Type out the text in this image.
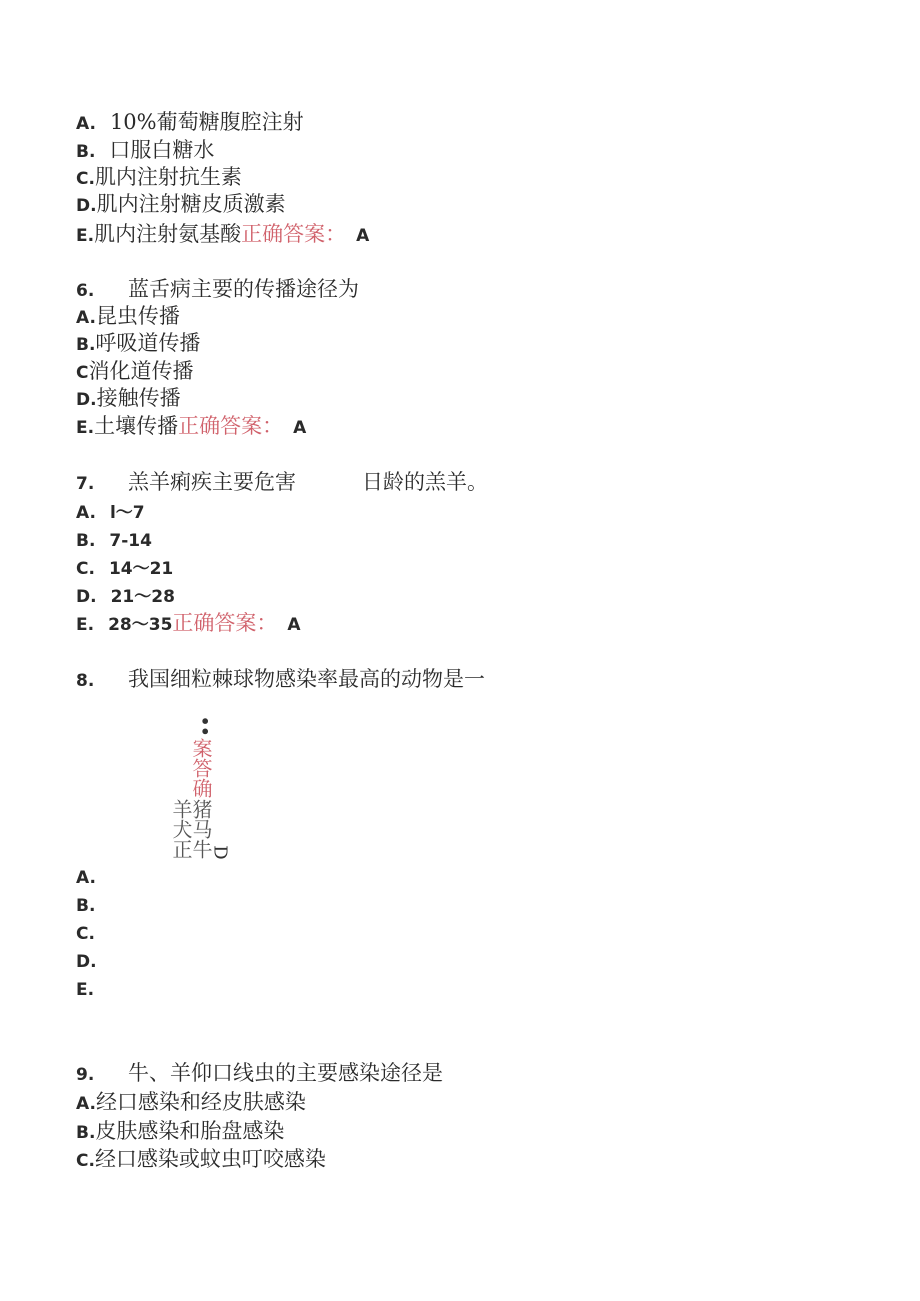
A. 10%葡萄糖腹腔注射
B. 口服白糖水
C.肌内注射抗生素
D.肌内注射糖皮质激素
E.肌内注射氨基酸正确答案： A
6. 蓝舌病主要的传播途径为
A.昆虫传播
B.呼吸道传播
C消化道传播
D.接触传播
E.土壤传播正确答案： A
7. 羔羊痢疾主要危害	日龄的羔羊。
A. l〜7
B. 7-14
C. 14〜21
D. 21〜28
E. 28〜35正确答案： A
8. 我国细粒棘球物感染率最高的动物是一
••
案答确
猪马牛
羊犬正 D
A.
B.
C.
D.
E.
9. 牛、羊仰口线虫的主要感染途径是
A.经口感染和经皮肤感染
B.皮肤感染和胎盘感染
C.经口感染或蚊虫叮咬感染
